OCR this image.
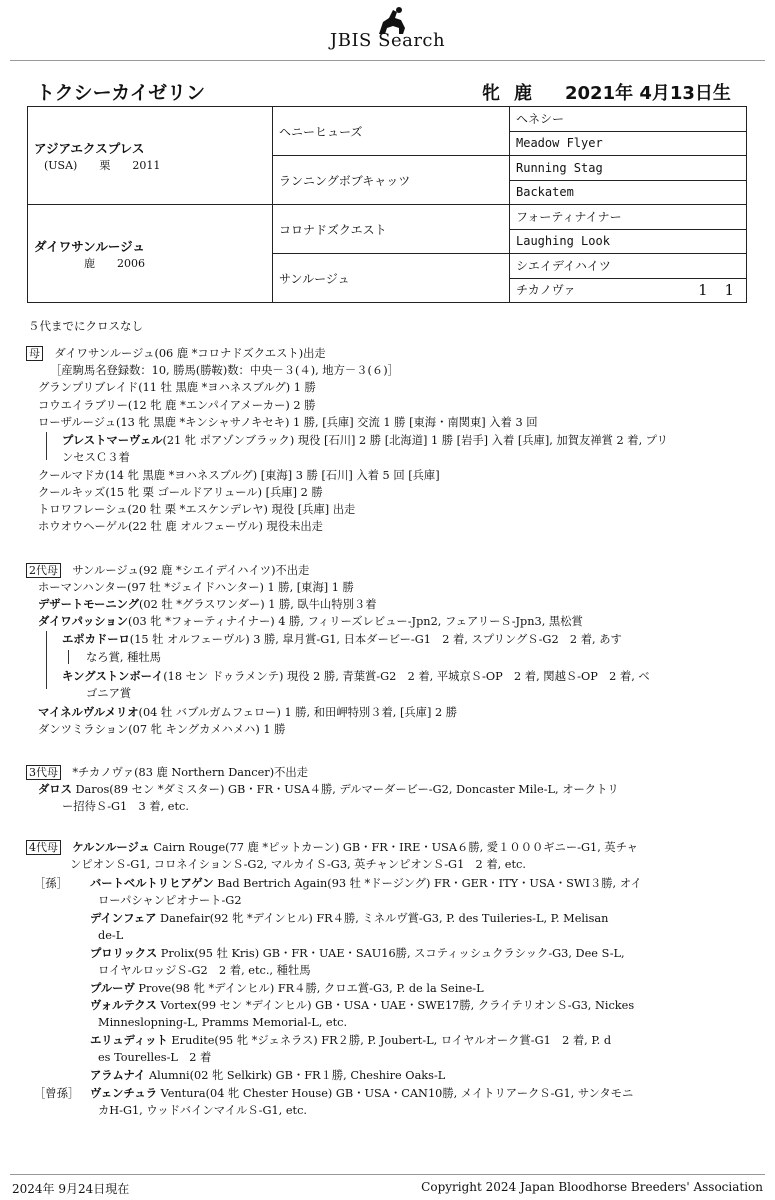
JBIS Search
トクシーカイゼリン	牝 鹿 2021年 4月13日生
アジアエクスプレス
(USA)　　栗　　2011	ヘニーヒューズ	ヘネシー
		Meadow Flyer
	ランニングボブキャッツ	Running Stag
		Backatem

ダイワサンルージュ
鹿　　2006	コロナドズクエスト	フォーティナイナー
		Laughing Look
	サンルージュ	シエイデイハイツ
		チカノヴァ 1 1
５代までにクロスなし
母　 ダイワサンルージュ(06 鹿 *コロナドズクエスト)出走
［産駒馬名登録数：10, 勝馬(勝鞍)数：中央－３(４), 地方－３(６)］
グランプリブレイド(11 牡 黒鹿 *ヨハネスブルグ) 1 勝
コウエイラブリー(12 牝 鹿 *エンパイアメーカー) 2 勝
ローザルージュ(13 牝 黒鹿 *キンシャサノキセキ) 1 勝, [兵庫] 交流 1 勝 [東海・南関東] 入着 3 回
プレストマーヴェル(21 牝 ポアゾンブラック) 現役 [石川] 2 勝 [北海道] 1 勝 [岩手] 入着 [兵庫], 加賀友禅賞 2 着, プリ
ンセスＣ３着
クールマドカ(14 牝 黒鹿 *ヨハネスブルグ) [東海] 3 勝 [石川] 入着 5 回 [兵庫]
クールキッズ(15 牝 栗 ゴールドアリュール) [兵庫] 2 勝
トロワフレーシュ(20 牡 栗 *エスケンデレヤ) 現役 [兵庫] 出走
ホウオウヘーゲル(22 牡 鹿 オルフェーヴル) 現役未出走
2代母　 サンルージュ(92 鹿 *シエイデイハイツ)不出走
ホーマンハンター(97 牡 *ジェイドハンター) 1 勝, [東海] 1 勝
デザートモーニング(02 牡 *グラスワンダー) 1 勝, 臥牛山特別３着
ダイワパッション(03 牝 *フォーティナイナー) 4 勝, フィリーズレビュー-Jpn2, フェアリーＳ-Jpn3, 黒松賞
エポカドーロ(15 牡 オルフェーヴル) 3 勝, 皐月賞-G1, 日本ダービー-G1　2 着, スプリングＳ-G2　2 着, あす
なろ賞, 種牡馬
キングストンボーイ(18 セン ドゥラメンテ) 現役 2 勝, 青葉賞-G2　2 着, 平城京Ｓ-OP　2 着, 関越Ｓ-OP　2 着, ベ
ゴニア賞
マイネルヴルメリオ(04 牡 バブルガムフェロー) 1 勝, 和田岬特別３着, [兵庫] 2 勝
ダンツミラション(07 牝 キングカメハメハ) 1 勝
3代母　 *チカノヴァ(83 鹿 Northern Dancer)不出走
ダロス Daros(89 セン *ダミスター) GB・FR・USA４勝, デルマーダービー-G2, Doncaster Mile-L, オークトリ
ー招待Ｓ-G1　3 着, etc.
4代母　 ケルンルージュ Cairn Rouge(77 鹿 *ピットカーン) GB・FR・IRE・USA６勝, 愛１０００ギニー-G1, 英チャ
ンピオンＳ-G1, コロネイションＳ-G2, マルカイＳ-G3, 英チャンピオンＳ-G1　2 着, etc.
［孫］ バートベルトリヒアゲン Bad Bertrich Again(93 牡 *ドージング) FR・GER・ITY・USA・SWI３勝, オイ
ローパシャンピオナート-G2
デインフェア Danefair(92 牝 *デインヒル) FR４勝, ミネルヴ賞-G3, P. des Tuileries-L, P. Melisan
de-L
プロリックス Prolix(95 牡 Kris) GB・FR・UAE・SAU16勝, スコティッシュクラシック-G3, Dee S-L,
ロイヤルロッジＳ-G2　2 着, etc., 種牡馬
プルーヴ Prove(98 牝 *デインヒル) FR４勝, クロエ賞-G3, P. de la Seine-L
ヴォルテクス Vortex(99 セン *デインヒル) GB・USA・UAE・SWE17勝, クライテリオンＳ-G3, Nickes
Minneslopning-L, Pramms Memorial-L, etc.
エリュディット Erudite(95 牝 *ジェネラス) FR２勝, P. Joubert-L, ロイヤルオーク賞-G1　2 着, P. d
es Tourelles-L　2 着
アラムナイ Alumni(02 牝 Selkirk) GB・FR１勝, Cheshire Oaks-L
［曾孫］ ヴェンチュラ Ventura(04 牝 Chester House) GB・USA・CAN10勝, メイトリアークＳ-G1, サンタモニ
カH-G1, ウッドバインマイルＳ-G1, etc.
2024年 9月24日現在	Copyright 2024 Japan Bloodhorse Breeders' Association
